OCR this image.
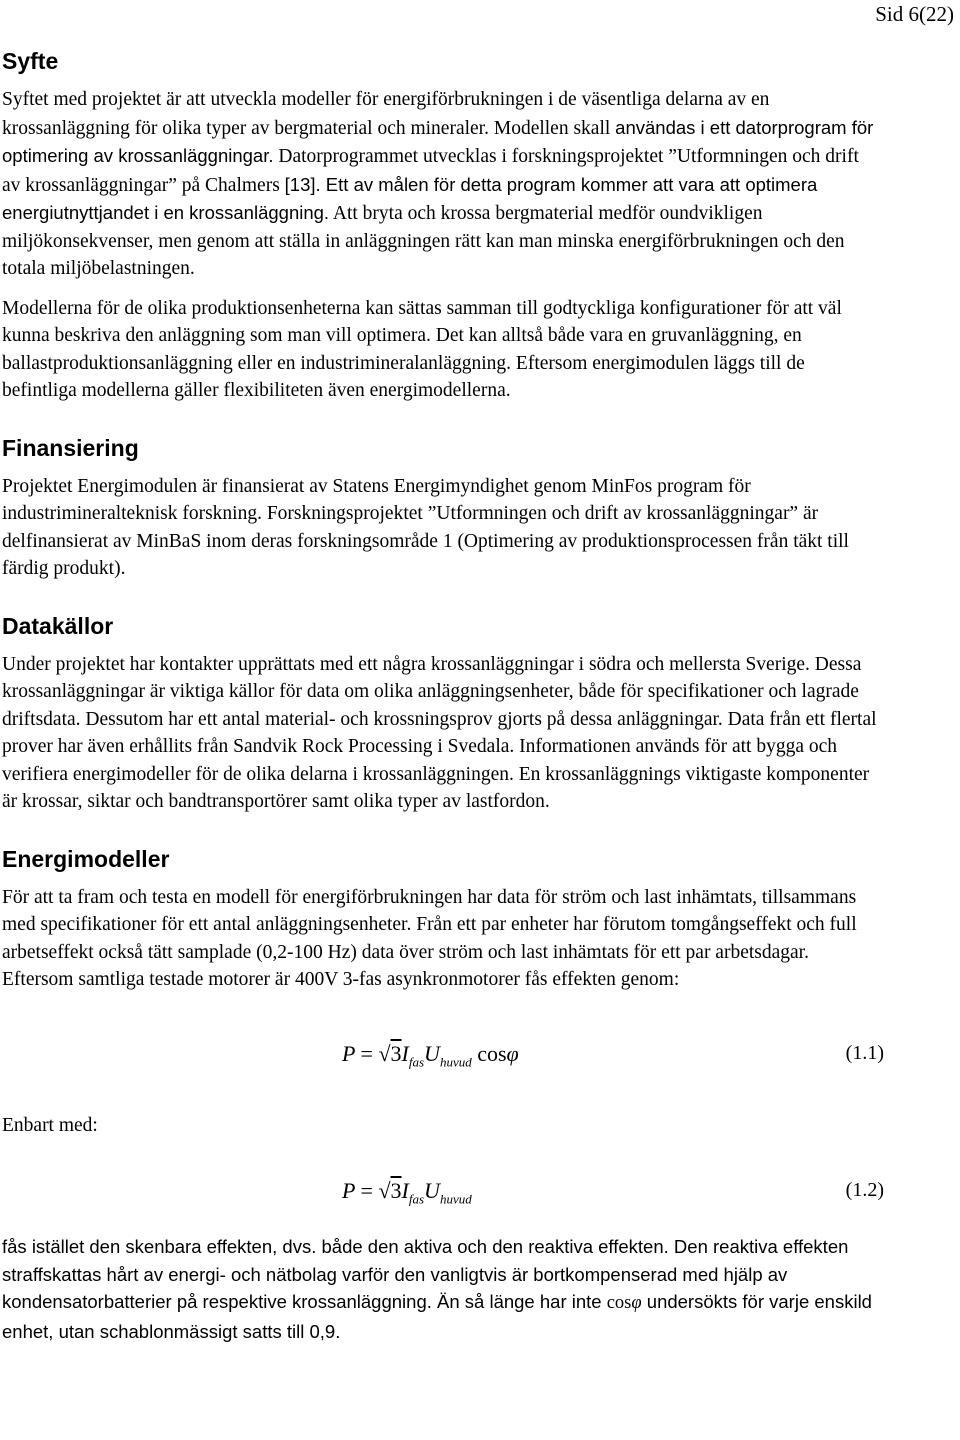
Sid 6(22)
Syfte

Syftet med projektet är att utveckla modeller för energiförbrukningen i de väsentliga delarna av en krossanläggning för olika typer av bergmaterial och mineraler. Modellen skall användas i ett datorprogram för optimering av krossanläggningar. Datorprogrammet utvecklas i forskningsprojektet ”Utformningen och drift av krossanläggningar” på Chalmers [13]. Ett av målen för detta program kommer att vara att optimera energiutnyttjandet i en krossanläggning. Att bryta och krossa bergmaterial medför oundvikligen miljökonsekvenser, men genom att ställa in anläggningen rätt kan man minska energiförbrukningen och den totala miljöbelastningen.

Modellerna för de olika produktionsenheterna kan sättas samman till godtyckliga konfigurationer för att väl kunna beskriva den anläggning som man vill optimera. Det kan alltså både vara en gruvanläggning, en ballastproduktionsanläggning eller en industrimineralanläggning. Eftersom energimodulen läggs till de befintliga modellerna gäller flexibiliteten även energimodellerna.

Finansiering

Projektet Energimodulen är finansierat av Statens Energimyndighet genom MinFos program för industrimineralteknisk forskning. Forskningsprojektet ”Utformningen och drift av krossanläggningar” är delfinansierat av MinBaS inom deras forskningsområde 1 (Optimering av produktionsprocessen från täkt till färdig produkt).

Datakällor

Under projektet har kontakter upprättats med ett några krossanläggningar i södra och mellersta Sverige. Dessa krossanläggningar är viktiga källor för data om olika anläggningsenheter, både för specifikationer och lagrade driftsdata. Dessutom har ett antal material- och krossningsprov gjorts på dessa anläggningar. Data från ett flertal prover har även erhållits från Sandvik Rock Processing i Svedala. Informationen används för att bygga och verifiera energimodeller för de olika delarna i krossanläggningen. En krossanläggnings viktigaste komponenter är krossar, siktar och bandtransportörer samt olika typer av lastfordon.

Energimodeller

För att ta fram och testa en modell för energiförbrukningen har data för ström och last inhämtats, tillsammans med specifikationer för ett antal anläggningsenheter. Från ett par enheter har förutom tomgångseffekt och full arbetseffekt också tätt samplade (0,2-100 Hz) data över ström och last inhämtats för ett par arbetsdagar. Eftersom samtliga testade motorer är 400V 3-fas asynkronmotorer fås effekten genom:

$P = √3I_{fas}U_{huvud}$ cosφ	(1.1)

Enbart med:

$P = √3I_{fas}U_{huvud}$	(1.2)

fås istället den skenbara effekten, dvs. både den aktiva och den reaktiva effekten. Den reaktiva effekten straffskattas hårt av energi- och nätbolag varför den vanligtvis är bortkompenserad med hjälp av kondensatorbatterier på respektive krossanläggning. Än så länge har inte cosφ undersökts för varje enskild enhet, utan schablonmässigt satts till 0,9.
